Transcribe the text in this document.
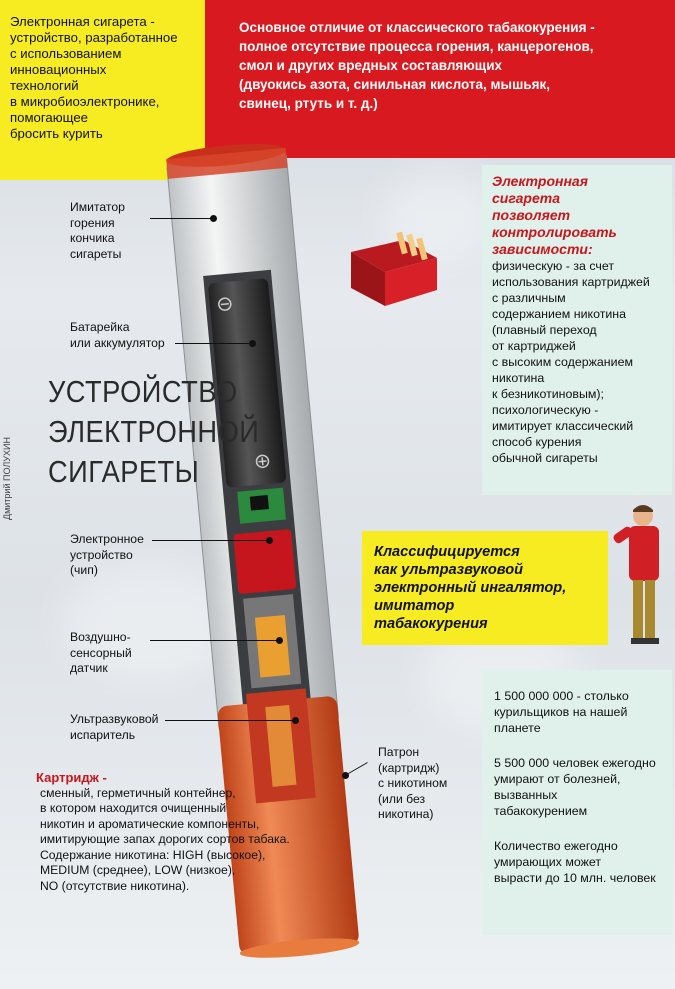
Электронная сигарета -
устройство, разработанное
с использованием
инновационных
технологий
в микробиоэлектронике,
помогающее
бросить курить
Основное отличие от классического табакокурения -
полное отсутствие процесса горения, канцерогенов,
смол и других вредных составляющих
(двуокись азота, синильная кислота, мышьяк,
свинец, ртуть и т. д.)
Имитатор
горения
кончика
сигареты
Батарейка
или аккумулятор
Электронное
устройство
(чип)
Воздушно-
сенсорный
датчик
Ультразвуковой
испаритель
Патрон
(картридж)
с никотином
(или без
никотина)
УСТРОЙСТВО
ЭЛЕКТРОННОЙ
СИГАРЕТЫ
Дмитрий ПОЛУХИН
Картридж -
сменный, герметичный контейнер,
в котором находится очищенный
никотин и ароматические компоненты,
имитирующие запах дорогих сортов табака.
Содержание никотина: HIGH (высокое),
MEDIUM (среднее), LOW (низкое),
NO (отсутствие никотина).
Электронная
сигарета
позволяет
контролировать
зависимости:
физическую - за счет
использования картриджей
с различным
содержанием никотина
(плавный переход
от картриджей
с высоким содержанием
никотина
к безникотиновым);
психологическую -
имитирует классический
способ курения
обычной сигареты
Классифицируется
как ультразвуковой
электронный ингалятор,
имитатор
табакокурения

1 500 000 000 - столько
курильщиков на нашей
планете

5 500 000 человек ежегодно
умирают от болезней,
вызванных
табакокурением

Количество ежегодно
умирающих может
вырасти до 10 млн. человек
